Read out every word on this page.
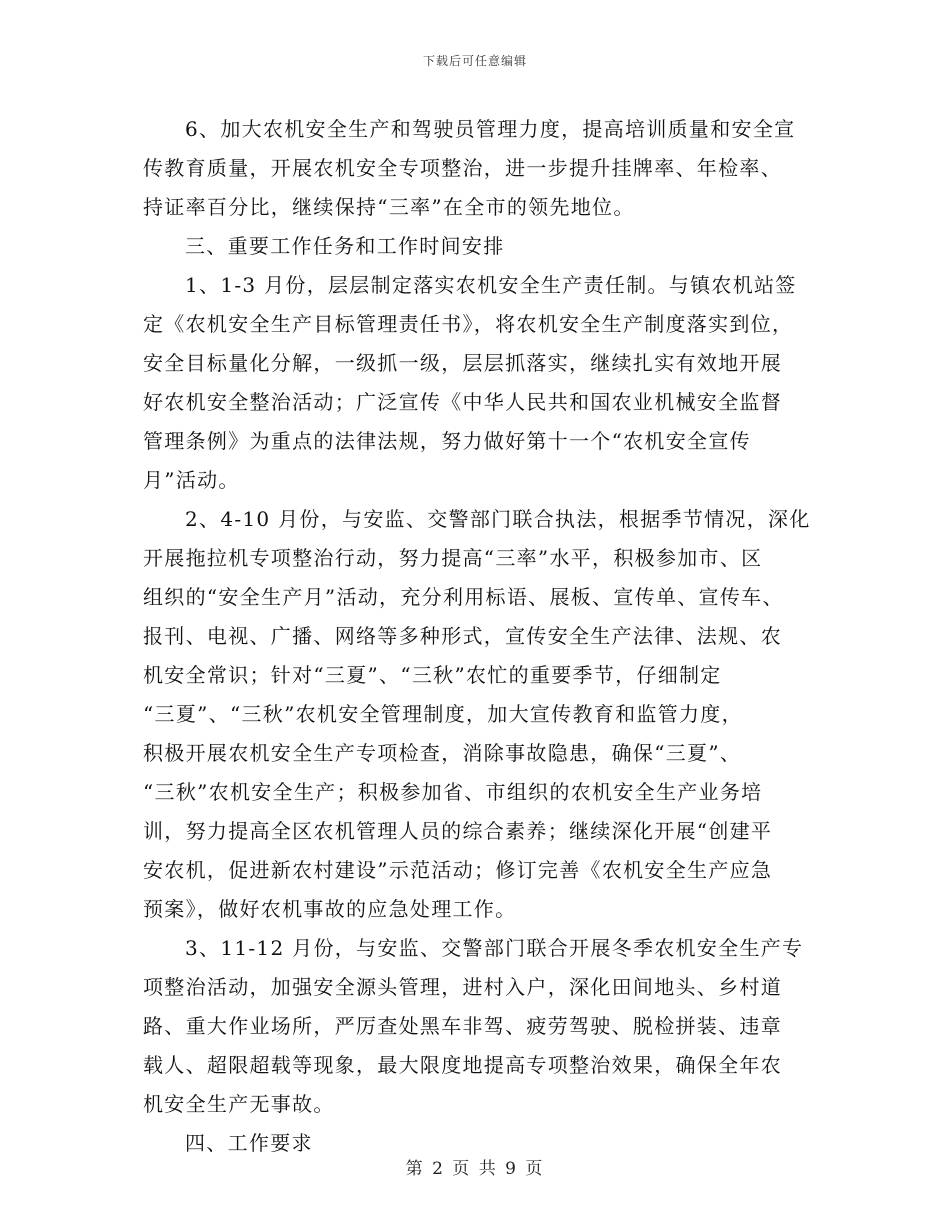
下载后可任意编辑
6、加大农机安全生产和驾驶员管理力度，提高培训质量和安全宣
传教育质量，开展农机安全专项整治，进一步提升挂牌率、年检率、
持证率百分比，继续保持“三率”在全市的领先地位。
三、重要工作任务和工作时间安排
1、1-3 月份，层层制定落实农机安全生产责任制。与镇农机站签
定《农机安全生产目标管理责任书》，将农机安全生产制度落实到位，
安全目标量化分解，一级抓一级，层层抓落实，继续扎实有效地开展
好农机安全整治活动；广泛宣传《中华人民共和国农业机械安全监督
管理条例》为重点的法律法规，努力做好第十一个“农机安全宣传
月”活动。
2、4-10 月份，与安监、交警部门联合执法，根据季节情况，深化
开展拖拉机专项整治行动，努力提高“三率”水平，积极参加市、区
组织的“安全生产月”活动，充分利用标语、展板、宣传单、宣传车、
报刊、电视、广播、网络等多种形式，宣传安全生产法律、法规、农
机安全常识；针对“三夏”、“三秋”农忙的重要季节，仔细制定
“三夏”、“三秋”农机安全管理制度，加大宣传教育和监管力度，
积极开展农机安全生产专项检查，消除事故隐患，确保“三夏”、
“三秋”农机安全生产；积极参加省、市组织的农机安全生产业务培
训，努力提高全区农机管理人员的综合素养；继续深化开展“创建平
安农机，促进新农村建设”示范活动；修订完善《农机安全生产应急
预案》，做好农机事故的应急处理工作。
3、11-12 月份，与安监、交警部门联合开展冬季农机安全生产专
项整治活动，加强安全源头管理，进村入户，深化田间地头、乡村道
路、重大作业场所，严厉查处黑车非驾、疲劳驾驶、脱检拼装、违章
载人、超限超载等现象，最大限度地提高专项整治效果，确保全年农
机安全生产无事故。
四、工作要求
第 2 页 共 9 页
